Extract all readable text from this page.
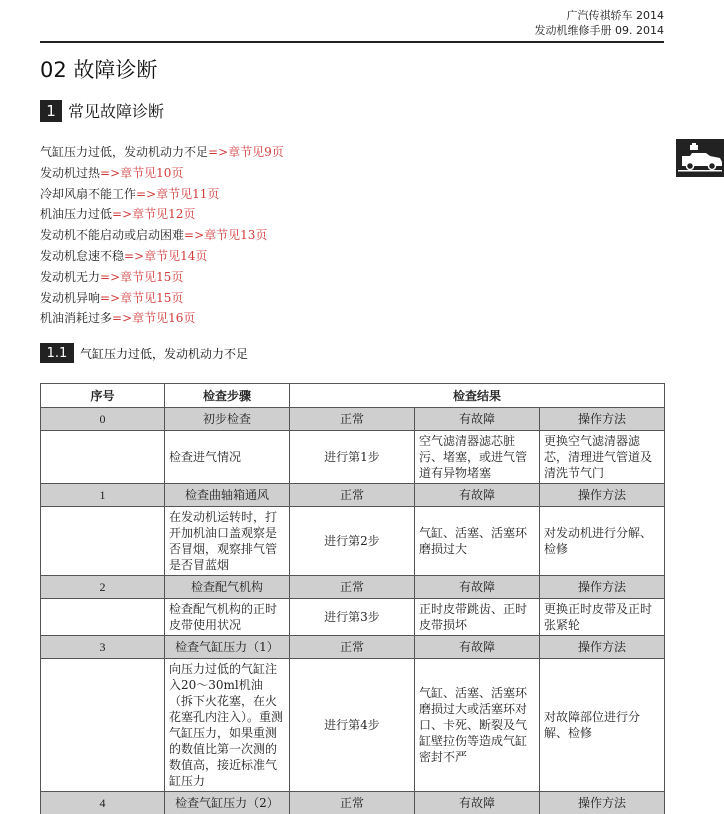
广汽传祺轿车 2014
发动机维修手册 09. 2014
02 故障诊断
1 常见故障诊断
气缸压力过低，发动机动力不足=>章节见9页
发动机过热=>章节见10页
冷却风扇不能工作=>章节见11页
机油压力过低=>章节见12页
发动机不能启动或启动困难=>章节见13页
发动机怠速不稳=>章节见14页
发动机无力=>章节见15页
发动机异响=>章节见15页
机油消耗过多=>章节见16页
1.1	气缸压力过低，发动机动力不足
序号	检查步骤	检查结果		
0	初步检查	正常	有故障	操作方法
	检查进气情况	进行第1步	空气滤清器滤芯脏污、堵塞，或进气管道有异物堵塞	更换空气滤清器滤芯，清理进气管道及清洗节气门
1	检查曲轴箱通风	正常	有故障	操作方法
	在发动机运转时，打开加机油口盖观察是否冒烟，观察排气管是否冒蓝烟	进行第2步	气缸、活塞、活塞环磨损过大	对发动机进行分解、检修
2	检查配气机构	正常	有故障	操作方法
	检查配气机构的正时皮带使用状况	进行第3步	正时皮带跳齿、正时皮带损坏	更换正时皮带及正时张紧轮
3	检查气缸压力（1）	正常	有故障	操作方法
	向压力过低的气缸注入20～30ml机油（拆下火花塞，在火花塞孔内注入）。重测气缸压力，如果重测的数值比第一次测的数值高，接近标准气缸压力	进行第4步	气缸、活塞、活塞环磨损过大或活塞环对口、卡死、断裂及气缸壁拉伤等造成气缸密封不严	对故障部位进行分解、检修
4	检查气缸压力（2）	正常	有故障	操作方法
